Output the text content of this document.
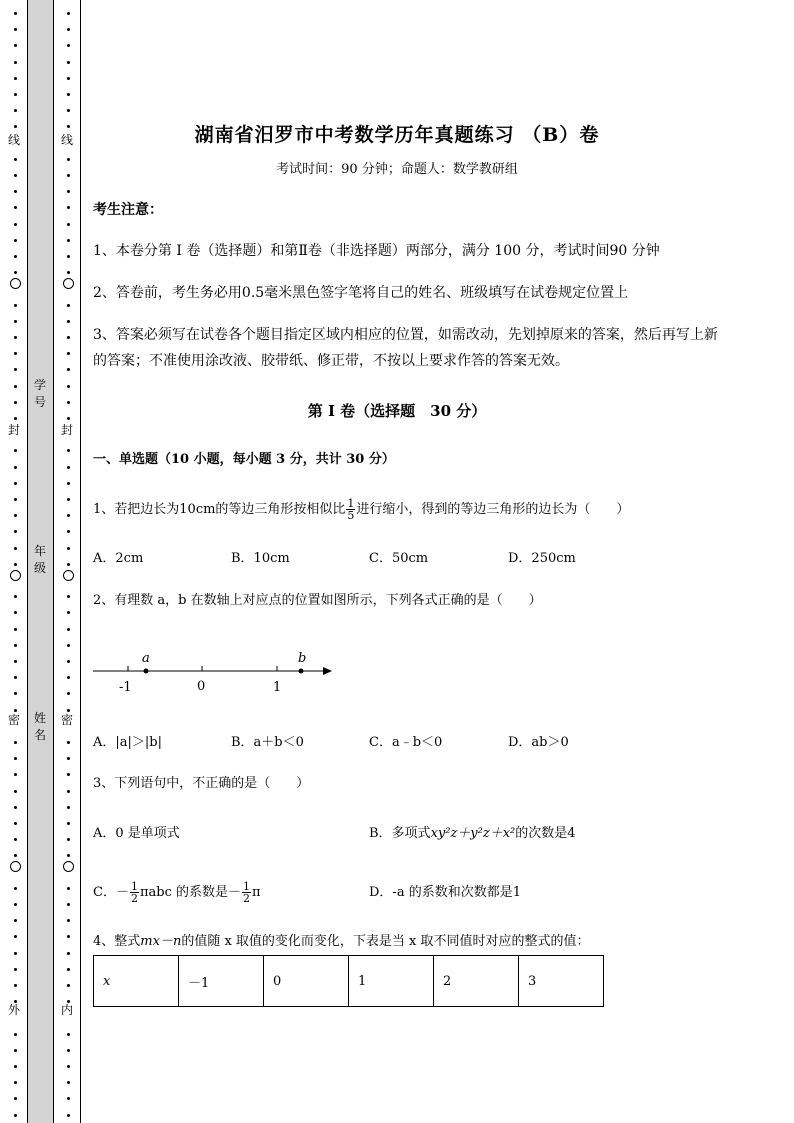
线
封
密
外
线
封
密
内
学号
年级
姓名
湖南省汨罗市中考数学历年真题练习 （B）卷
考试时间：90 分钟；命题人：数学教研组
考生注意：
1、本卷分第 I 卷（选择题）和第Ⅱ卷（非选择题）两部分，满分 100 分，考试时间90 分钟
2、答卷前，考生务必用0.5毫米黑色签字笔将自己的姓名、班级填写在试卷规定位置上
3、答案必须写在试卷各个题目指定区域内相应的位置，如需改动，先划掉原来的答案，然后再写上新
的答案；不准使用涂改液、胶带纸、修正带，不按以上要求作答的答案无效。
第 I 卷（选择题　30 分）
一、单选题（10 小题，每小题 3 分，共计 30 分）
1、若把边长为10cm的等边三角形按相似比 $\frac{1}{5}$ 进行缩小，得到的等边三角形的边长为（　　）
A．2cm	B．10cm	C．50cm	D．250cm
2、有理数 a，b 在数轴上对应点的位置如图所示，下列各式正确的是（　　）
a	b
-1	0	1
A．|a|＞|b|	B．a＋b＜0	C．a﹣b＜0	D．ab＞0
3、下列语句中，不正确的是（　　）
A．0 是单项式	B．多项式xy²z＋y²z＋x²的次数是4
C．－ $\frac{1}{2}$ πabc 的系数是－ $\frac{1}{2}$ π	D．-a 的系数和次数都是1
4、整式mx－n的值随 x 取值的变化而变化，下表是当 x 取不同值时对应的整式的值：
x	－1	0	1	2	3
